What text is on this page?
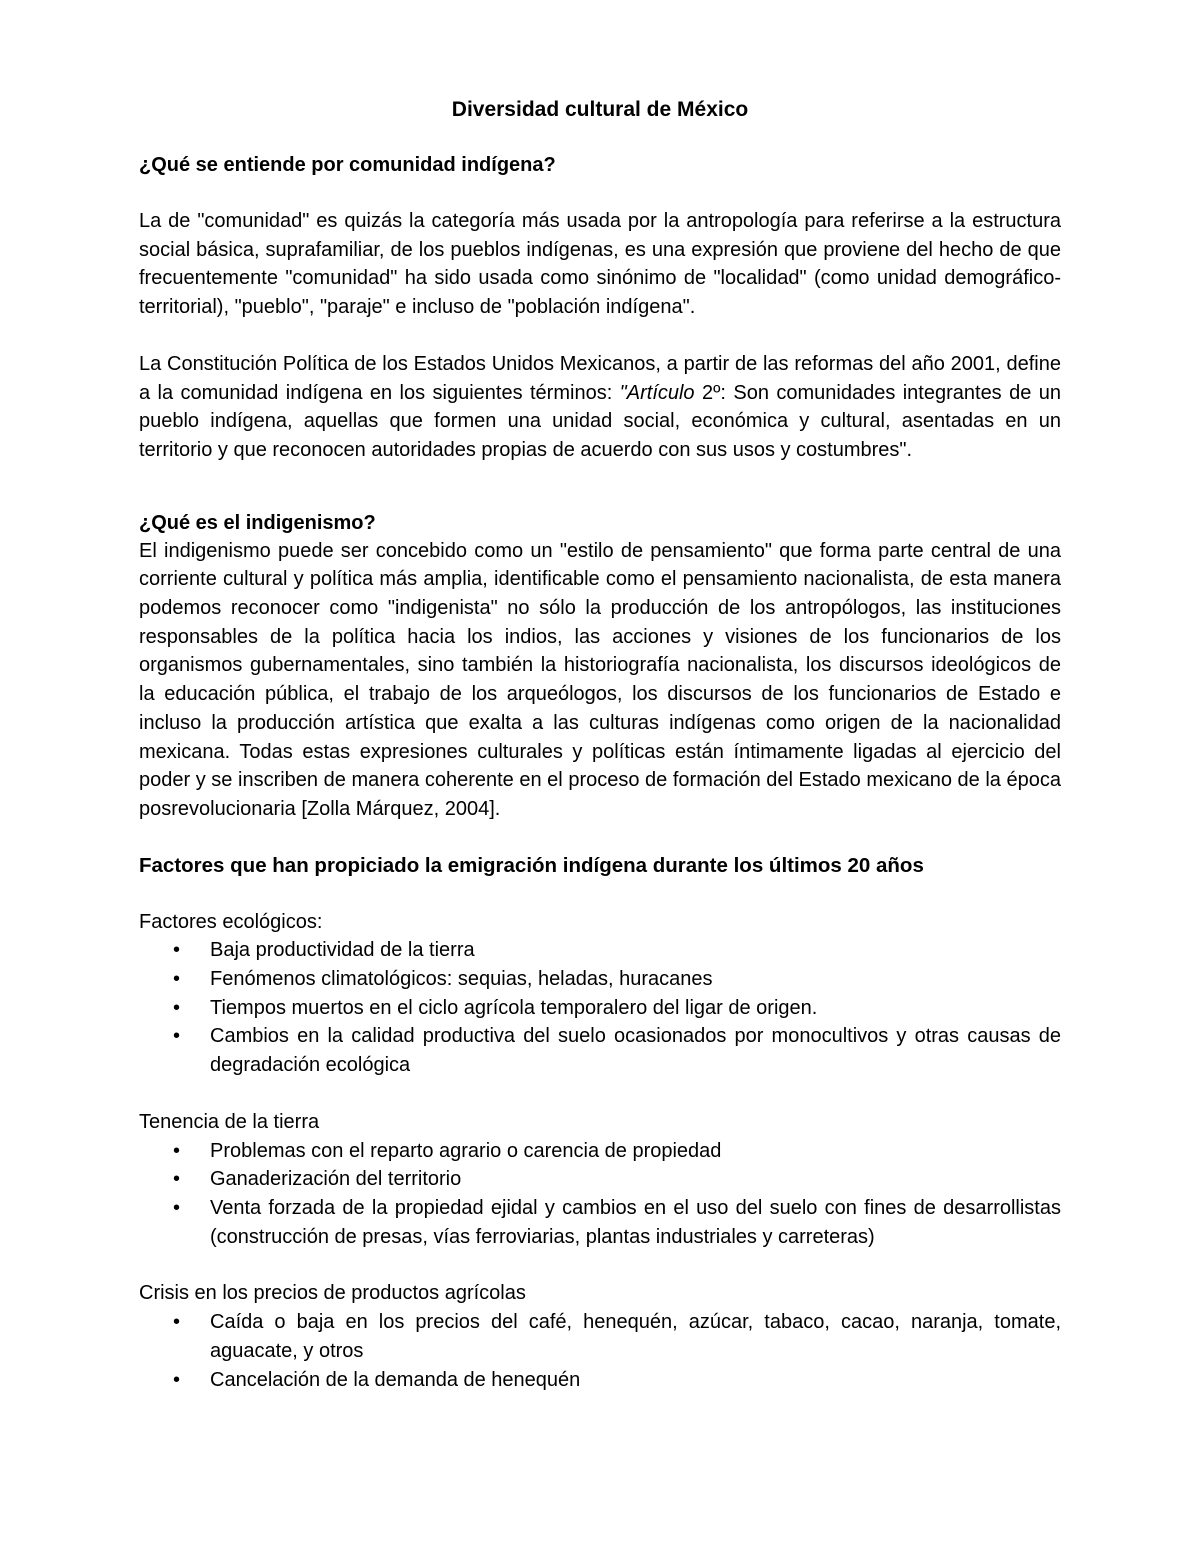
Diversidad cultural de México
¿Qué se entiende por comunidad indígena?

La de "comunidad" es quizás la categoría más usada por la antropología para referirse a la estructura social básica, suprafamiliar, de los pueblos indígenas, es una expresión que proviene del hecho de que frecuentemente "comunidad" ha sido usada como sinónimo de "localidad" (como unidad demográfico-territorial), "pueblo", "paraje" e incluso de "población indígena".

La Constitución Política de los Estados Unidos Mexicanos, a partir de las reformas del año 2001, define a la comunidad indígena en los siguientes términos: "Artículo 2º: Son comunidades integrantes de un pueblo indígena, aquellas que formen una unidad social, económica y cultural, asentadas en un territorio y que reconocen autoridades propias de acuerdo con sus usos y costumbres".

¿Qué es el indigenismo?

El indigenismo puede ser concebido como un "estilo de pensamiento" que forma parte central de una corriente cultural y política más amplia, identificable como el pensamiento nacionalista, de esta manera podemos reconocer como "indigenista" no sólo la producción de los antropólogos, las instituciones responsables de la política hacia los indios, las acciones y visiones de los funcionarios de los organismos gubernamentales, sino también la historiografía nacionalista, los discursos ideológicos de la educación pública, el trabajo de los arqueólogos, los discursos de los funcionarios de Estado e incluso la producción artística que exalta a las culturas indígenas como origen de la nacionalidad mexicana. Todas estas expresiones culturales y políticas están íntimamente ligadas al ejercicio del poder y se inscriben de manera coherente en el proceso de formación del Estado mexicano de la época posrevolucionaria [Zolla Márquez, 2004].

Factores que han propiciado la emigración indígena durante los últimos 20 años
Factores ecológicos:
• Baja productividad de la tierra
• Fenómenos climatológicos: sequias, heladas, huracanes
• Tiempos muertos en el ciclo agrícola temporalero del ligar de origen.
• Cambios en la calidad productiva del suelo ocasionados por monocultivos y otras causas de degradación ecológica
Tenencia de la tierra
• Problemas con el reparto agrario o carencia de propiedad
• Ganaderización del territorio
• Venta forzada de la propiedad ejidal y cambios en el uso del suelo con fines de desarrollistas (construcción de presas, vías ferroviarias, plantas industriales y carreteras)
Crisis en los precios de productos agrícolas
• Caída o baja en los precios del café, henequén, azúcar, tabaco, cacao, naranja, tomate, aguacate, y otros
• Cancelación de la demanda de henequén
